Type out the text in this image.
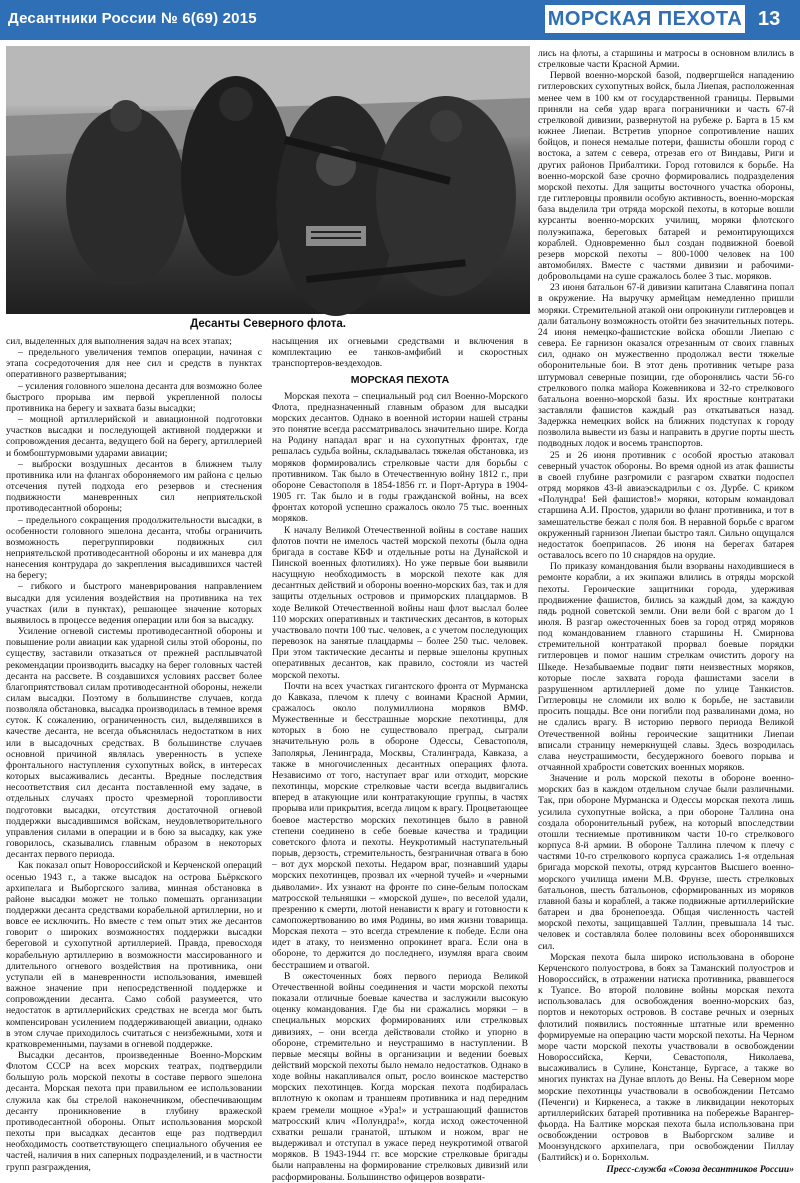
Десантники России № 6(69) 2015	МОРСКАЯ ПЕХОТА 13
Десанты Северного флота.

сил, выделенных для выполнения задач на всех этапах;

– предельного увеличения темпов операции, начиная с этапа сосредоточения для нее сил и средств в пунктах оперативного развертывания;

– усиления головного эшелона десанта для возможно более быстрого прорыва им первой укрепленной полосы противника на берегу и захвата базы высадки;

– мощной артиллерийской и авиационной подготовки участков высадки и последующей активной поддержки и сопровождения десанта, ведущего бой на берегу, артиллерией и бомбоштурмовыми ударами авиации;

– выброски воздушных десантов в ближнем тылу противника или на флангах обороняемого им района с целью отсечения путей подхода его резервов и стеснения подвижности маневренных сил неприятельской противодесантной обороны;

– предельного сокращения продолжительности высадки, в особенности головного эшелона десанта, чтобы ограничить возможность перегруппировки подвижных сил неприятельской противодесантной обороны и их маневра для нанесения контрудара до закрепления высадившихся частей на берегу;

– гибкого и быстрого маневрирования направлением высадки для усиления воздействия на противника на тех участках (или в пунктах), решающее значение которых выявилось в процессе ведения операции или боя за высадку.

Усиление огневой системы противодесантной обороны и повышение роли авиации как ударной силы этой обороны, по существу, заставили отказаться от прежней расплывчатой рекомендации производить высадку на берег головных частей десанта на рассвете. В создавшихся условиях рассвет более благоприятствовал силам противодесантной обороны, нежели силам высадки. Поэтому в большинстве случаев, когда позволяла обстановка, высадка производилась в темное время суток. К сожалению, ограниченность сил, выделявшихся в качестве десанта, не всегда объяснялась недостатком в них или в высадочных средствах. В большинстве случаев основной причиной являлась уверенность в успехе фронтального наступления сухопутных войск, в интересах которых высаживались десанты. Вредные последствия несоответствия сил десанта поставленной ему задаче, в отдельных случаях просто чрезмерной торопливости подготовки высадки, отсутствия достаточной огневой поддержки высадившимся войскам, неудовлетворительного управления силами в операции и в бою за высадку, как уже говорилось, сказывались главным образом в некоторых десантах первого периода.

Как показал опыт Новороссийской и Керченской операций осенью 1943 г., а также высадок на острова Бьёркского архипелага и Выборгского залива, минная обстановка в районе высадки может не только помешать организации поддержки десанта средствами корабельной артиллерии, но и вовсе ее исключить. Но вместе с тем опыт этих же десантов говорит о широких возможностях поддержки высадки береговой и сухопутной артиллерией. Правда, превосходя корабельную артиллерию в возможности массированного и длительного огневого воздействия на противника, они уступали ей в маневренности использования, имевшей важное значение при непосредственной поддержке и сопровождении десанта. Само собой разумеется, что недостаток в артиллерийских средствах не всегда мог быть компенсирован усилением поддерживающей авиации, однако в этом случае приходилось считаться с неизбежными, хотя и кратковременными, паузами в огневой поддержке.

Высадки десантов, произведенные Военно-Морским Флотом СССР на всех морских театрах, подтвердили большую роль морской пехоты в составе первого эшелона десанта. Морская пехота при правильном ее использовании служила как бы стрелой наконечником, обеспечивающим десанту проникновение в глубину вражеской противодесантной обороны. Опыт использования морской пехоты при высадках десантов еще раз подтвердил необходимость соответствующего специального обучения ее частей, наличия в них саперных подразделений, и в частности групп разграждения,

насыщения их огневыми средствами и включения в комплектацию ее танков-амфибий и скоростных транспортеров-вездеходов.

МОРСКАЯ ПЕХОТА

Морская пехота – специальный род сил Военно-Морского Флота, предназначенный главным образом для высадки морских десантов. Однако в военной истории нашей страны это понятие всегда рассматривалось значительно шире. Когда на Родину нападал враг и на сухопутных фронтах, где решалась судьба войны, складывалась тяжелая обстановка, из моряков формировались стрелковые части для борьбы с противником. Так было в Отечественную войну 1812 г., при обороне Севастополя в 1854-1856 гг. и Порт-Артура в 1904-1905 гг. Так было и в годы гражданской войны, на всех фронтах которой успешно сражалось около 75 тыс. военных моряков.

К началу Великой Отечественной войны в составе наших флотов почти не имелось частей морской пехоты (была одна бригада в составе КБФ и отдельные роты на Дунайской и Пинской военных флотилиях). Но уже первые бои выявили насущную необходимость в морской пехоте как для десантных действий и обороны военно-морских баз, так и для защиты отдельных островов и приморских плацдармов. В ходе Великой Отечественной войны наш флот выслал более 110 морских оперативных и тактических десантов, в которых участвовало почти 100 тыс. человек, а с учетом последующих перевозок на занятые плацдармы – более 250 тыс. человек. При этом тактические десанты и первые эшелоны крупных оперативных десантов, как правило, состояли из частей морской пехоты.

Почти на всех участках гигантского фронта от Мурманска до Кавказа, плечом к плечу с воинами Красной Армии, сражалось около полумиллиона моряков ВМФ. Мужественные и бесстрашные морские пехотинцы, для которых в бою не существовало преград, сыграли значительную роль в обороне Одессы, Севастополя, Заполярья, Ленинграда, Москвы, Сталинграда, Кавказа, а также в многочисленных десантных операциях флота. Независимо от того, наступает враг или отходит, морские пехотинцы, морские стрелковые части всегда выдвигались вперед в атакующие или контратакующие группы, в частях прорыва или прикрытия, всегда лицом к врагу. Процветающее боевое мастерство морских пехотинцев было в равной степени соединено в себе боевые качества и традиции советского флота и пехоты. Неукротимый наступательный порыв, дерзость, стремительность, безграничная отвага в бою – вот дух морской пехоты. Недаром враг, познавший удары морских пехотинцев, прозвал их «черной тучей» и «черными дьяволами». Их узнают на фронте по сине-белым полоскам матросской тельняшки – «морской душе», по веселой удали, презрению к смерти, лютой ненависти к врагу и готовности к самопожертвованию во имя Родины, во имя жизни товарища. Морская пехота – это всегда стремление к победе. Если она идет в атаку, то неизменно опрокинет врага. Если она в обороне, то держится до последнего, изумляя врага своим бесстрашием и отвагой.

В ожесточенных боях первого периода Великой Отечественной войны соединения и части морской пехоты показали отличные боевые качества и заслужили высокую оценку командования. Где бы ни сражались моряки – в специальных морских формированиях или стрелковых дивизиях, – они всегда действовали стойко и упорно в обороне, стремительно и неустрашимо в наступлении. В первые месяцы войны в организации и ведении боевых действий морской пехоты было немало недостатков. Однако в ходе войны накапливался опыт, росло воинское мастерство морских пехотинцев. Когда морская пехота подбиралась вплотную к окопам и траншеям противника и над передним краем гремели мощное «Ура!» и устрашающий фашистов матросский клич «Полундра!», когда исход ожесточенной схватки решали гранатой, штыком и ножом, враг не выдерживал и отступал в ужасе перед неукротимой отвагой моряков. В 1943-1944 гг. все морские стрелковые бригады были направлены на формирование стрелковых дивизий или расформированы. Большинство офицеров возврати-

лись на флоты, а старшины и матросы в основном влились в стрелковые части Красной Армии.

Первой военно-морской базой, подвергшейся нападению гитлеровских сухопутных войск, была Лиепая, расположенная менее чем в 100 км от государственной границы. Первыми приняли на себя удар врага пограничники и часть 67-й стрелковой дивизии, развернутой на рубеже р. Барта в 15 км южнее Лиепаи. Встретив упорное сопротивление наших бойцов, и понеся немалые потери, фашисты обошли город с востока, а затем с севера, отрезав его от Виндавы, Риги и других районов Прибалтики. Город готовился к борьбе. На военно-морской базе срочно формировались подразделения морской пехоты. Для защиты восточного участка обороны, где гитлеровцы проявили особую активность, военно-морская база выделила три отряда морской пехоты, в которые вошли курсанты военно-морских училищ, моряки флотского полуэкипажа, береговых батарей и ремонтирующихся кораблей. Одновременно был создан подвижной боевой резерв морской пехоты – 800-1000 человек на 100 автомобилях. Вместе с частями дивизии и рабочими-добровольцами на суше сражалось более 3 тыс. моряков.

23 июня батальон 67-й дивизии капитана Славягина попал в окружение. На выручку армейцам немедленно пришли моряки. Стремительной атакой они опрокинули гитлеровцев и дали батальону возможность отойти без значительных потерь. 24 июня немецко-фашистские войска обошли Лиепаю с севера. Ее гарнизон оказался отрезанным от своих главных сил, однако он мужественно продолжал вести тяжелые оборонительные бои. В этот день противник четыре раза штурмовал северные позиции, где оборонялись части 56-го стрелкового полка майора Кожевникова и 32-го стрелкового батальона военно-морской базы. Их яростные контратаки заставляли фашистов каждый раз откатываться назад. Задержка немецких войск на ближних подступах к городу позволила вывести из базы и направить в другие порты шесть подводных лодок и восемь транспортов.

25 и 26 июня противник с особой яростью атаковал северный участок обороны. Во время одной из атак фашисты в своей глубине разгромили с разгаром схватки подоспел отряд моряков 43-й авиаэскадрильи с оз. Дурбе. С криком «Полундра! Бей фашистов!» моряки, которым командовал старшина А.И. Простов, ударили во фланг противника, и тот в замешательстве бежал с поля боя. В неравной борьбе с врагом окруженный гарнизон Лиепаи быстро таял. Сильно ощущался недостаток боеприпасов. 26 июня на берегах батарея оставалось всего по 10 снарядов на орудие.

По приказу командования были взорваны находившиеся в ремонте корабли, а их экипажи влились в отряды морской пехоты. Героические защитники города, удерживая продвижение фашистов, бились за каждый дом, за каждую пядь родной советской земли. Они вели бой с врагом до 1 июля. В разгар ожесточенных боев за город отряд моряков под командованием главного старшины Н. Смирнова стремительной контратакой прорвал боевые порядки гитлеровцев и помог нашим стрелкам очистить дорогу на Шкеде. Незабываемые подвиг пяти неизвестных моряков, которые после захвата города фашистами засели в разрушенном артиллерией доме по улице Танкистов. Гитлеровцы не сломили их волю к борьбе, не заставили просить пощады. Все они погибли под развалинами дома, но не сдались врагу. В историю первого периода Великой Отечественной войны героические защитники Лиепаи вписали страницу немеркнущей славы. Здесь возродилась слава неустрашимости, бесудержного боевого порыва и отчаянной храбрости советских военных моряков.

Значение и роль морской пехоты в обороне военно-морских баз в каждом отдельном случае были различными. Так, при обороне Мурманска и Одессы морская пехота лишь усилила сухопутные войска, а при обороне Таллина она создала оборонительный рубеж, на который впоследствии отошли тесниемые противником части 10-го стрелкового корпуса 8-й армии. В обороне Таллина плечом к плечу с частями 10-го стрелкового корпуса сражались 1-я отдельная бригада морской пехоты, отряд курсантов Высшего военно-морского училища имени М.В. Фрунзе, шесть стрелковых батальонов, шесть батальонов, сформированных из моряков главной базы и кораблей, а также подвижные артиллерийские батареи и два бронепоезда. Общая численность частей морской пехоты, защищавшей Таллин, превышала 14 тыс. человек и составляла более половины всех оборонявшихся сил.

Морская пехота была широко использована в обороне Керченского полуострова, в боях за Таманский полуостров и Новороссийск, в отражении натиска противника, рвавшегося к Туапсе. Во второй половине войны морская пехота использовалась для освобождения военно-морских баз, портов и некоторых островов. В составе речных и озерных флотилий появились постоянные штатные или временно формируемые на операцию части морской пехоты. На Черном море части морской пехоты участвовали в освобождении Новороссийска, Керчи, Севастополя, Николаева, высаживались в Сулине, Констанце, Бургасе, а также во многих пунктах на Дунае вплоть до Вены. На Северном море морские пехотинцы участвовали в освобождении Петсамо (Печенги) и Киркенеса, а также в ликвидации некоторых артиллерийских батарей противника на побережье Варангер-фьорда. На Балтике морская пехота была использована при освобождении островов в Выборгском заливе и Моонзундского архипелага, при освобождении Пиллау (Балтийск) и о. Борнхольм.

Пресс-служба «Союза десантников России»
